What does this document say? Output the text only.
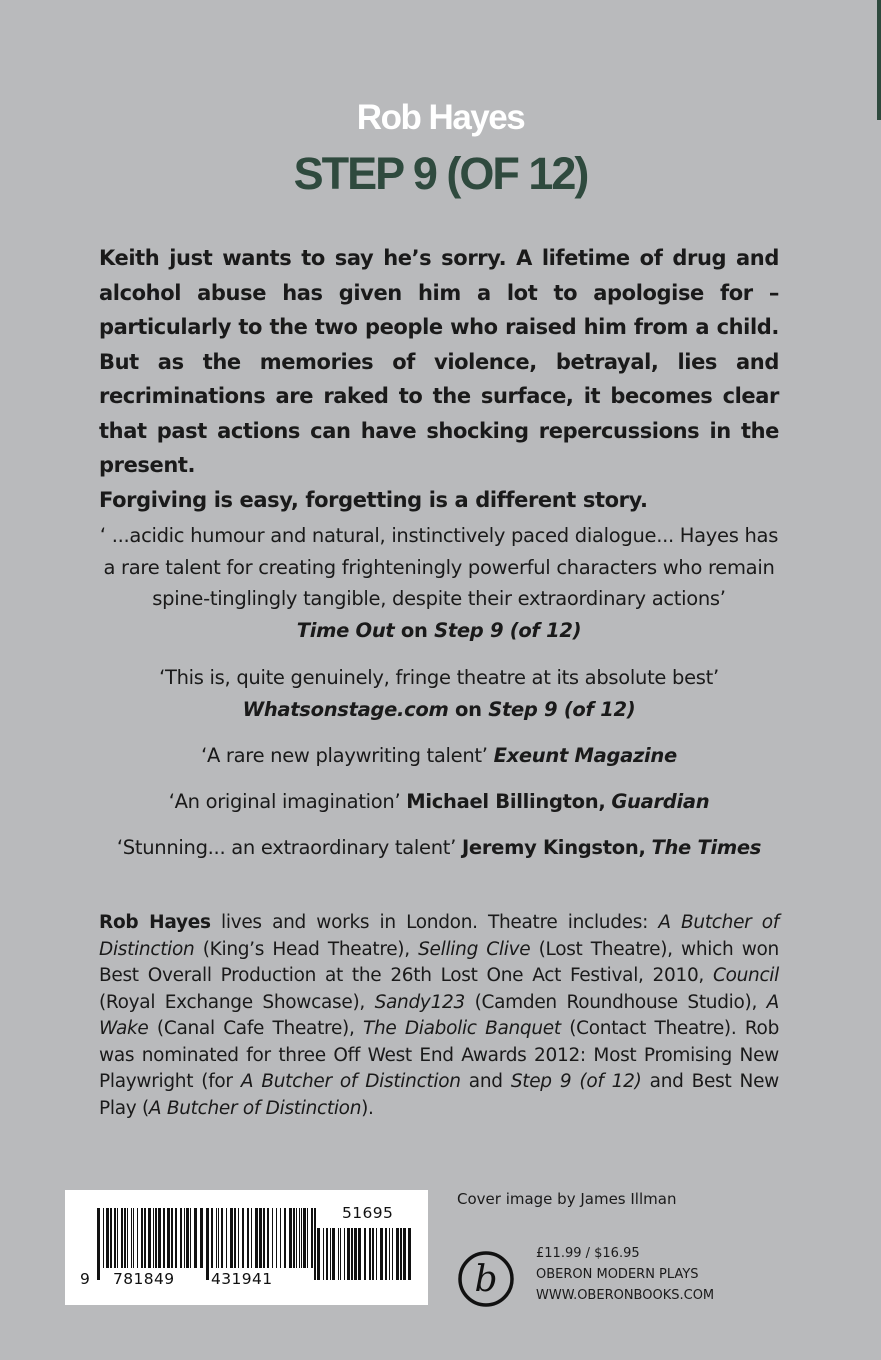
Rob Hayes
STEP 9 (OF 12)

Keith just wants to say he’s sorry. A lifetime of drug and alcohol abuse has given him a lot to apologise for – particularly to the two people who raised him from a child. But as the memories of violence, betrayal, lies and recriminations are raked to the surface, it becomes clear that past actions can have shocking repercussions in the present.

Forgiving is easy, forgetting is a different story.

‘ ...acidic humour and natural, instinctively paced dialogue... Hayes has a rare talent for creating frighteningly powerful characters who remain spine-tinglingly tangible, despite their extraordinary actions’
Time Out on Step 9 (of 12)
‘This is, quite genuinely, fringe theatre at its absolute best’
Whatsonstage.com on Step 9 (of 12)
‘A rare new playwriting talent’ Exeunt Magazine
‘An original imagination’ Michael Billington, Guardian
‘Stunning... an extraordinary talent’ Jeremy Kingston, The Times

Rob Hayes lives and works in London. Theatre includes: A Butcher of Distinction (King’s Head Theatre), Selling Clive (Lost Theatre), which won Best Overall Production at the 26th Lost One Act Festival, 2010, Council (Royal Exchange Showcase), Sandy123 (Camden Roundhouse Studio), A Wake (Canal Cafe Theatre), The Diabolic Banquet (Contact Theatre). Rob was nominated for three Off West End Awards 2012: Most Promising New Playwright (for A Butcher of Distinction and Step 9 (of 12) and Best New Play (A Butcher of Distinction).

9 781849 431941
51695
Cover image by James Illman
b
£11.99 / $16.95
OBERON MODERN PLAYS
WWW.OBERONBOOKS.COM
